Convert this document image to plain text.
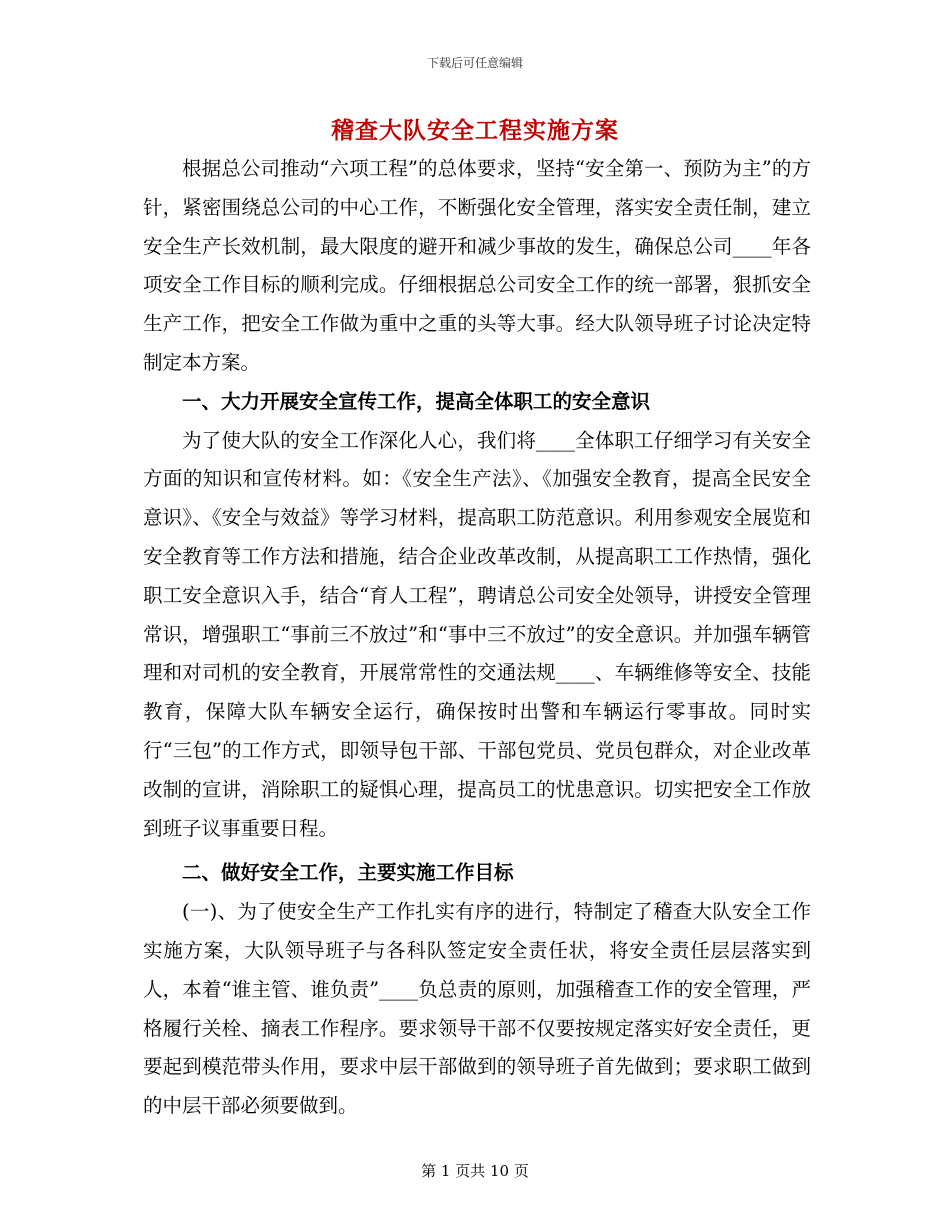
下载后可任意编辑
稽查大队安全工程实施方案

根据总公司推动“六项工程”的总体要求，坚持“安全第一、预防为主”的方针，紧密围绕总公司的中心工作，不断强化安全管理，落实安全责任制，建立安全生产长效机制，最大限度的避开和减少事故的发生，确保总公司____年各项安全工作目标的顺利完成。仔细根据总公司安全工作的统一部署，狠抓安全生产工作，把安全工作做为重中之重的头等大事。经大队领导班子讨论决定特制定本方案。

一、大力开展安全宣传工作，提高全体职工的安全意识

为了使大队的安全工作深化人心，我们将____全体职工仔细学习有关安全方面的知识和宣传材料。如：《安全生产法》、《加强安全教育，提高全民安全意识》、《安全与效益》等学习材料，提高职工防范意识。利用参观安全展览和安全教育等工作方法和措施，结合企业改革改制，从提高职工工作热情，强化职工安全意识入手，结合“育人工程”，聘请总公司安全处领导，讲授安全管理常识，增强职工“事前三不放过”和“事中三不放过”的安全意识。并加强车辆管理和对司机的安全教育，开展常常性的交通法规____、车辆维修等安全、技能教育，保障大队车辆安全运行，确保按时出警和车辆运行零事故。同时实行“三包”的工作方式，即领导包干部、干部包党员、党员包群众，对企业改革改制的宣讲，消除职工的疑惧心理，提高员工的忧患意识。切实把安全工作放到班子议事重要日程。

二、做好安全工作，主要实施工作目标

(一)、为了使安全生产工作扎实有序的进行，特制定了稽查大队安全工作实施方案，大队领导班子与各科队签定安全责任状，将安全责任层层落实到人，本着“谁主管、谁负责”____负总责的原则，加强稽查工作的安全管理，严格履行关栓、摘表工作程序。要求领导干部不仅要按规定落实好安全责任，更要起到模范带头作用，要求中层干部做到的领导班子首先做到；要求职工做到的中层干部必须要做到。

第 1 页共 10 页
